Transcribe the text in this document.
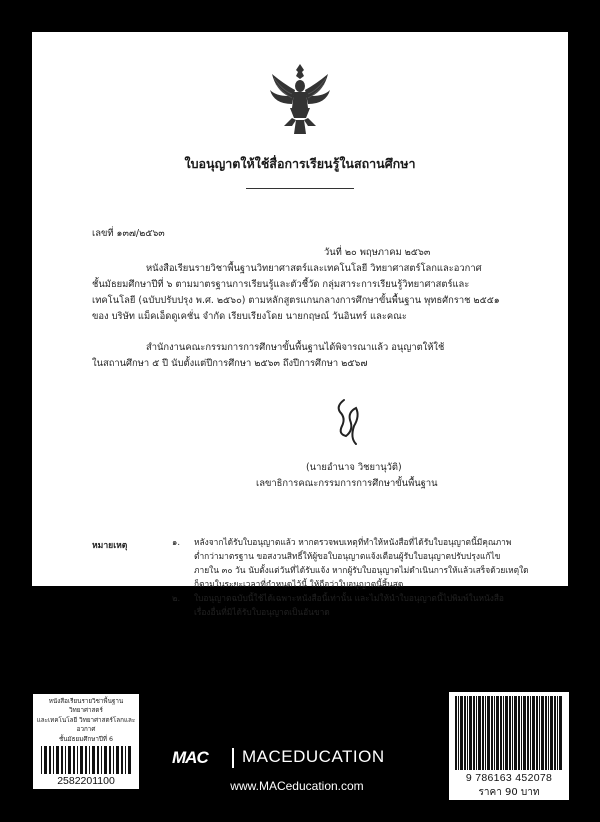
ใบอนุญาตให้ใช้สื่อการเรียนรู้ในสถานศึกษา
เลขที่ ๑๓๗/๒๕๖๓
วันที่ ๒๐ พฤษภาคม ๒๕๖๓
หนังสือเรียนรายวิชาพื้นฐานวิทยาศาสตร์และเทคโนโลยี วิทยาศาสตร์โลกและอวกาศ
ชั้นมัธยมศึกษาปีที่ ๖ ตามมาตรฐานการเรียนรู้และตัวชี้วัด กลุ่มสาระการเรียนรู้วิทยาศาสตร์และ
เทคโนโลยี (ฉบับปรับปรุง พ.ศ. ๒๕๖๐) ตามหลักสูตรแกนกลางการศึกษาขั้นพื้นฐาน พุทธศักราช ๒๕๕๑
ของ บริษัท แม็คเอ็ดดูเคชั่น จำกัด เรียบเรียงโดย นายกฤษณ์ วันอินทร์ และคณะ
สำนักงานคณะกรรมการการศึกษาขั้นพื้นฐานได้พิจารณาแล้ว อนุญาตให้ใช้
ในสถานศึกษา ๕ ปี นับตั้งแต่ปีการศึกษา ๒๕๖๓ ถึงปีการศึกษา ๒๕๖๗
(นายอำนาจ วิชยานุวัติ)
เลขาธิการคณะกรรมการการศึกษาขั้นพื้นฐาน
หมายเหตุ	๑. หลังจากได้รับใบอนุญาตแล้ว หากตรวจพบเหตุที่ทำให้หนังสือที่ได้รับใบอนุญาตนี้มีคุณภาพ
ต่ำกว่ามาตรฐาน ขอสงวนสิทธิ์ให้ผู้ขอใบอนุญาตแจ้งเตือนผู้รับใบอนุญาตปรับปรุงแก้ไข
ภายใน ๓๐ วัน นับตั้งแต่วันที่ได้รับแจ้ง หากผู้รับใบอนุญาตไม่ดำเนินการให้แล้วเสร็จด้วยเหตุใด
ก็ตามในระยะเวลาที่กำหนดไว้นี้ ให้ถือว่าใบอนุญาตนี้สิ้นสุด
๒. ใบอนุญาตฉบับนี้ใช้ได้เฉพาะหนังสือนี้เท่านั้น และไม่ให้นำใบอนุญาตนี้ไปพิมพ์ในหนังสือ
เรื่องอื่นที่มิได้รับใบอนุญาตเป็นอันขาด
หนังสือเรียนรายวิชาพื้นฐานวิทยาศาสตร์
และเทคโนโลยี วิทยาศาสตร์โลกและอวกาศ
ชั้นมัธยมศึกษาปีที่ 6
2582201100
MAC MACEDUCATION
www.MACeducation.com
9 786163 452078
ราคา 90 บาท
